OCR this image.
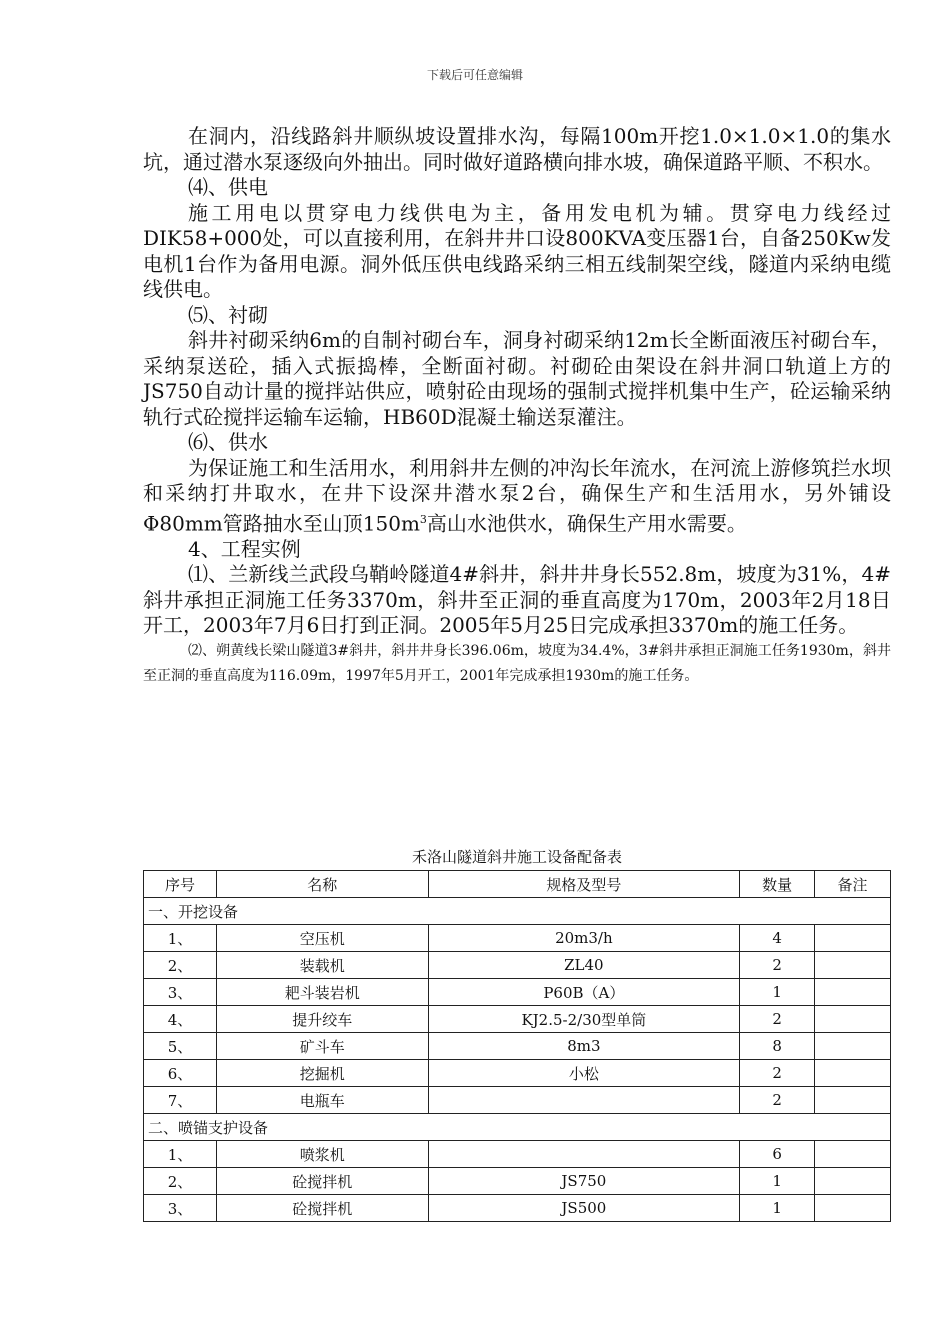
下载后可任意编辑

在洞内，沿线路斜井顺纵坡设置排水沟，每隔100m开挖1.0×1.0×1.0的集水坑，通过潜水泵逐级向外抽出。同时做好道路横向排水坡，确保道路平顺、不积水。

⑷、供电

施工用电以贯穿电力线供电为主，备用发电机为辅。贯穿电力线经过DIK58+000处，可以直接利用，在斜井井口设800KVA变压器1台，自备250Kw发电机1台作为备用电源。洞外低压供电线路采纳三相五线制架空线，隧道内采纳电缆线供电。

⑸、衬砌

斜井衬砌采纳6m的自制衬砌台车，洞身衬砌采纳12m长全断面液压衬砌台车，采纳泵送砼，插入式振捣棒，全断面衬砌。衬砌砼由架设在斜井洞口轨道上方的JS750自动计量的搅拌站供应，喷射砼由现场的强制式搅拌机集中生产，砼运输采纳轨行式砼搅拌运输车运输，HB60D混凝土输送泵灌注。

⑹、供水

为保证施工和生活用水，利用斜井左侧的冲沟长年流水，在河流上游修筑拦水坝和采纳打井取水，在井下设深井潜水泵2台，确保生产和生活用水，另外铺设Φ80mm管路抽水至山顶$150m^3$高山水池供水，确保生产用水需要。

4、工程实例

⑴、兰新线兰武段乌鞘岭隧道4#斜井，斜井井身长552.8m，坡度为31%，4#斜井承担正洞施工任务3370m，斜井至正洞的垂直高度为170m，2003年2月18日开工，2003年7月6日打到正洞。2005年5月25日完成承担3370m的施工任务。

⑵、朔黄线长梁山隧道3#斜井，斜井井身长396.06m，坡度为34.4%，3#斜井承担正洞施工任务1930m，斜井至正洞的垂直高度为116.09m，1997年5月开工，2001年完成承担1930m的施工任务。

禾洛山隧道斜井施工设备配备表
序号	名称	规格及型号	数量	备注
一、开挖设备				
1、	空压机	20m3/h	4	
2、	装载机	ZL40	2	
3、	耙斗装岩机	P60B（A）	1	
4、	提升绞车	KJ2.5-2/30型单筒	2	
5、	矿斗车	8m3	8	
6、	挖掘机	小松	2	
7、	电瓶车		2	
二、喷锚支护设备				
1、	喷浆机		6	
2、	砼搅拌机	JS750	1	
3、	砼搅拌机	JS500	1	
